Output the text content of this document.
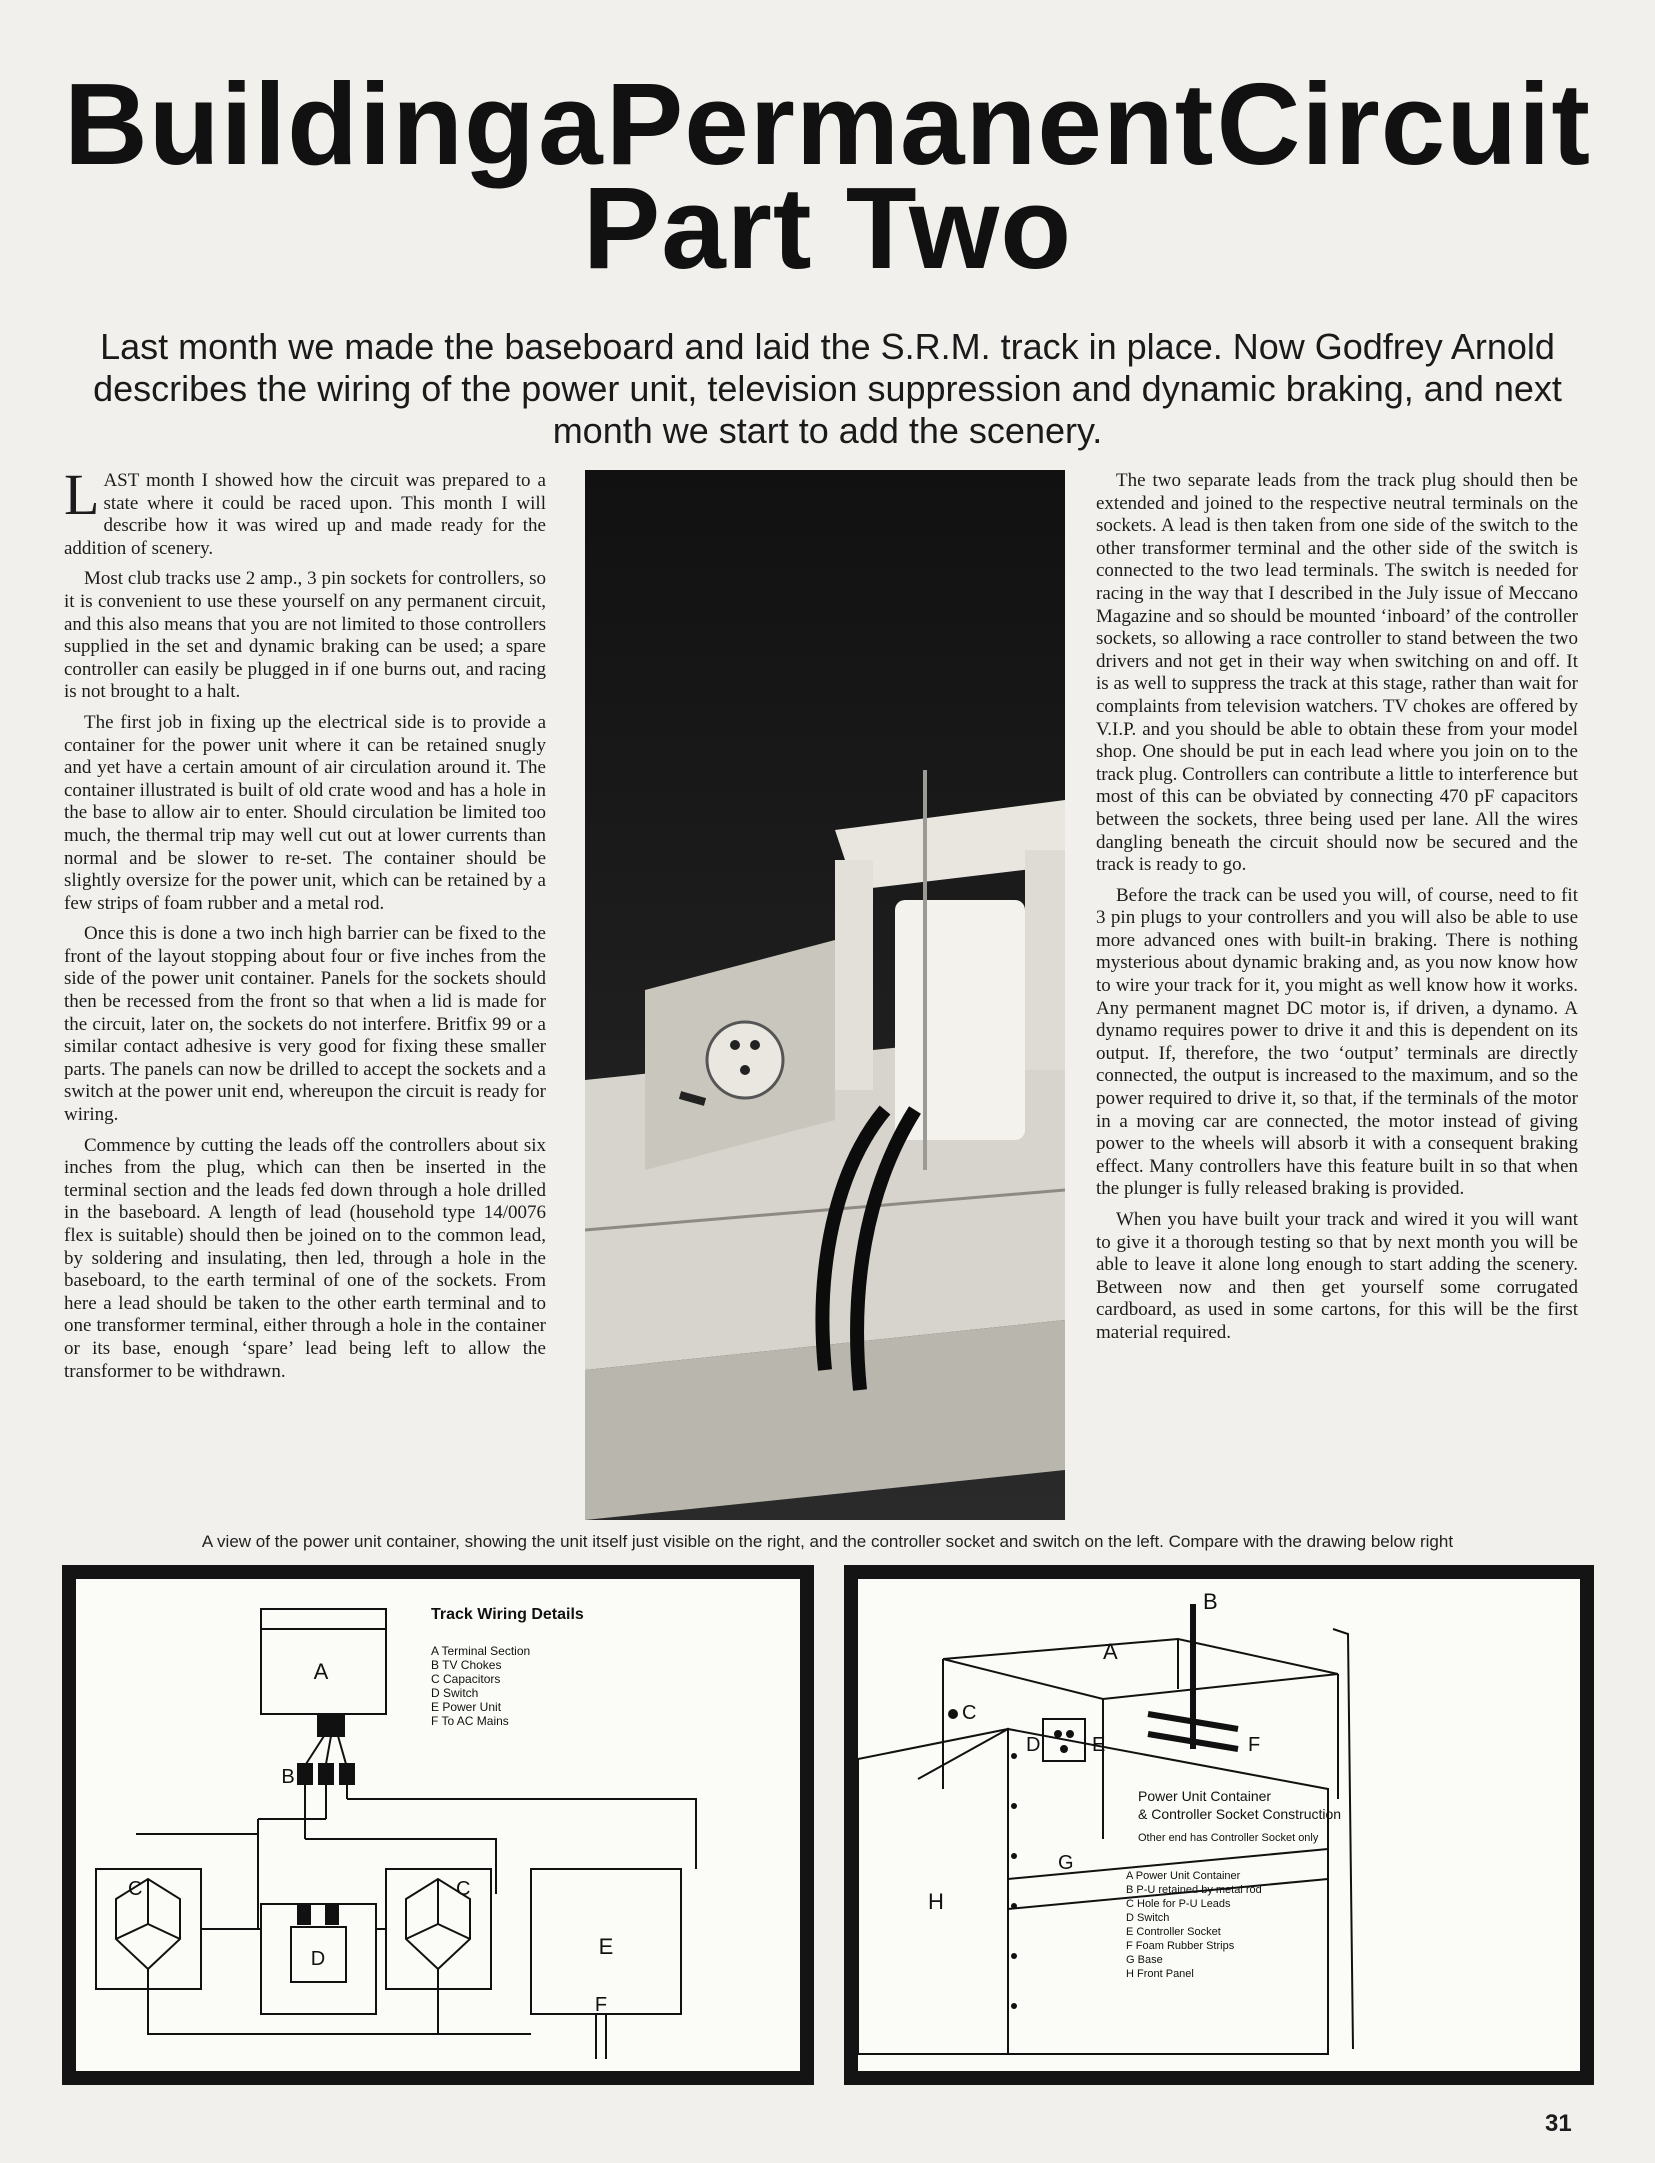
Building a Permanent Circuit
Part Two
Last month we made the baseboard and laid the S.R.M. track in place. Now Godfrey Arnold describes the wiring of the power unit, television suppression and dynamic braking, and next month we start to add the scenery.

LAST month I showed how the circuit was prepared to a state where it could be raced upon. This month I will describe how it was wired up and made ready for the addition of scenery.

Most club tracks use 2 amp., 3 pin sockets for controllers, so it is convenient to use these yourself on any permanent circuit, and this also means that you are not limited to those controllers supplied in the set and dynamic braking can be used; a spare controller can easily be plugged in if one burns out, and racing is not brought to a halt.

The first job in fixing up the electrical side is to provide a container for the power unit where it can be retained snugly and yet have a certain amount of air circulation around it. The container illustrated is built of old crate wood and has a hole in the base to allow air to enter. Should circulation be limited too much, the thermal trip may well cut out at lower currents than normal and be slower to re-set. The container should be slightly oversize for the power unit, which can be retained by a few strips of foam rubber and a metal rod.

Once this is done a two inch high barrier can be fixed to the front of the layout stopping about four or five inches from the side of the power unit container. Panels for the sockets should then be recessed from the front so that when a lid is made for the circuit, later on, the sockets do not interfere. Britfix 99 or a similar contact adhesive is very good for fixing these smaller parts. The panels can now be drilled to accept the sockets and a switch at the power unit end, whereupon the circuit is ready for wiring.

Commence by cutting the leads off the controllers about six inches from the plug, which can then be inserted in the terminal section and the leads fed down through a hole drilled in the baseboard. A length of lead (household type 14/0076 flex is suitable) should then be joined on to the common lead, by soldering and insulating, then led, through a hole in the baseboard, to the earth terminal of one of the sockets. From here a lead should be taken to the other earth terminal and to one transformer terminal, either through a hole in the container or its base, enough ‘spare’ lead being left to allow the transformer to be withdrawn.

The two separate leads from the track plug should then be extended and joined to the respective neutral terminals on the sockets. A lead is then taken from one side of the switch to the other transformer terminal and the other side of the switch is connected to the two lead terminals. The switch is needed for racing in the way that I described in the July issue of Meccano Magazine and so should be mounted ‘inboard’ of the controller sockets, so allowing a race controller to stand between the two drivers and not get in their way when switching on and off. It is as well to suppress the track at this stage, rather than wait for complaints from television watchers. TV chokes are offered by V.I.P. and you should be able to obtain these from your model shop. One should be put in each lead where you join on to the track plug. Controllers can contribute a little to interference but most of this can be obviated by connecting 470 pF capacitors between the sockets, three being used per lane. All the wires dangling beneath the circuit should now be secured and the track is ready to go.

Before the track can be used you will, of course, need to fit 3 pin plugs to your controllers and you will also be able to use more advanced ones with built-in braking. There is nothing mysterious about dynamic braking and, as you now know how to wire your track for it, you might as well know how it works. Any permanent magnet DC motor is, if driven, a dynamo. A dynamo requires power to drive it and this is dependent on its output. If, therefore, the two ‘output’ terminals are directly connected, the output is increased to the maximum, and so the power required to drive it, so that, if the terminals of the motor in a moving car are connected, the motor instead of giving power to the wheels will absorb it with a consequent braking effect. Many controllers have this feature built in so that when the plunger is fully released braking is provided.

When you have built your track and wired it you will want to give it a thorough testing so that by next month you will be able to leave it alone long enough to start adding the scenery. Between now and then get yourself some corrugated cardboard, as used in some cartons, for this will be the first material required.

A view of the power unit container, showing the unit itself just visible on the right, and the controller socket and switch on the left. Compare with the drawing below right
A
B
C	C
D	E
F
Track Wiring Details
A Terminal Section
B TV Chokes
C Capacitors
D Switch
E Power Unit
F To AC Mains
A
B
C
D	E	F
G
H
Power Unit Container
& Controller Socket Construction
Other end has Controller Socket only
A Power Unit Container
B P-U retained by metal rod
C Hole for P-U Leads
D Switch
E Controller Socket
F Foam Rubber Strips
G Base
H Front Panel
31
